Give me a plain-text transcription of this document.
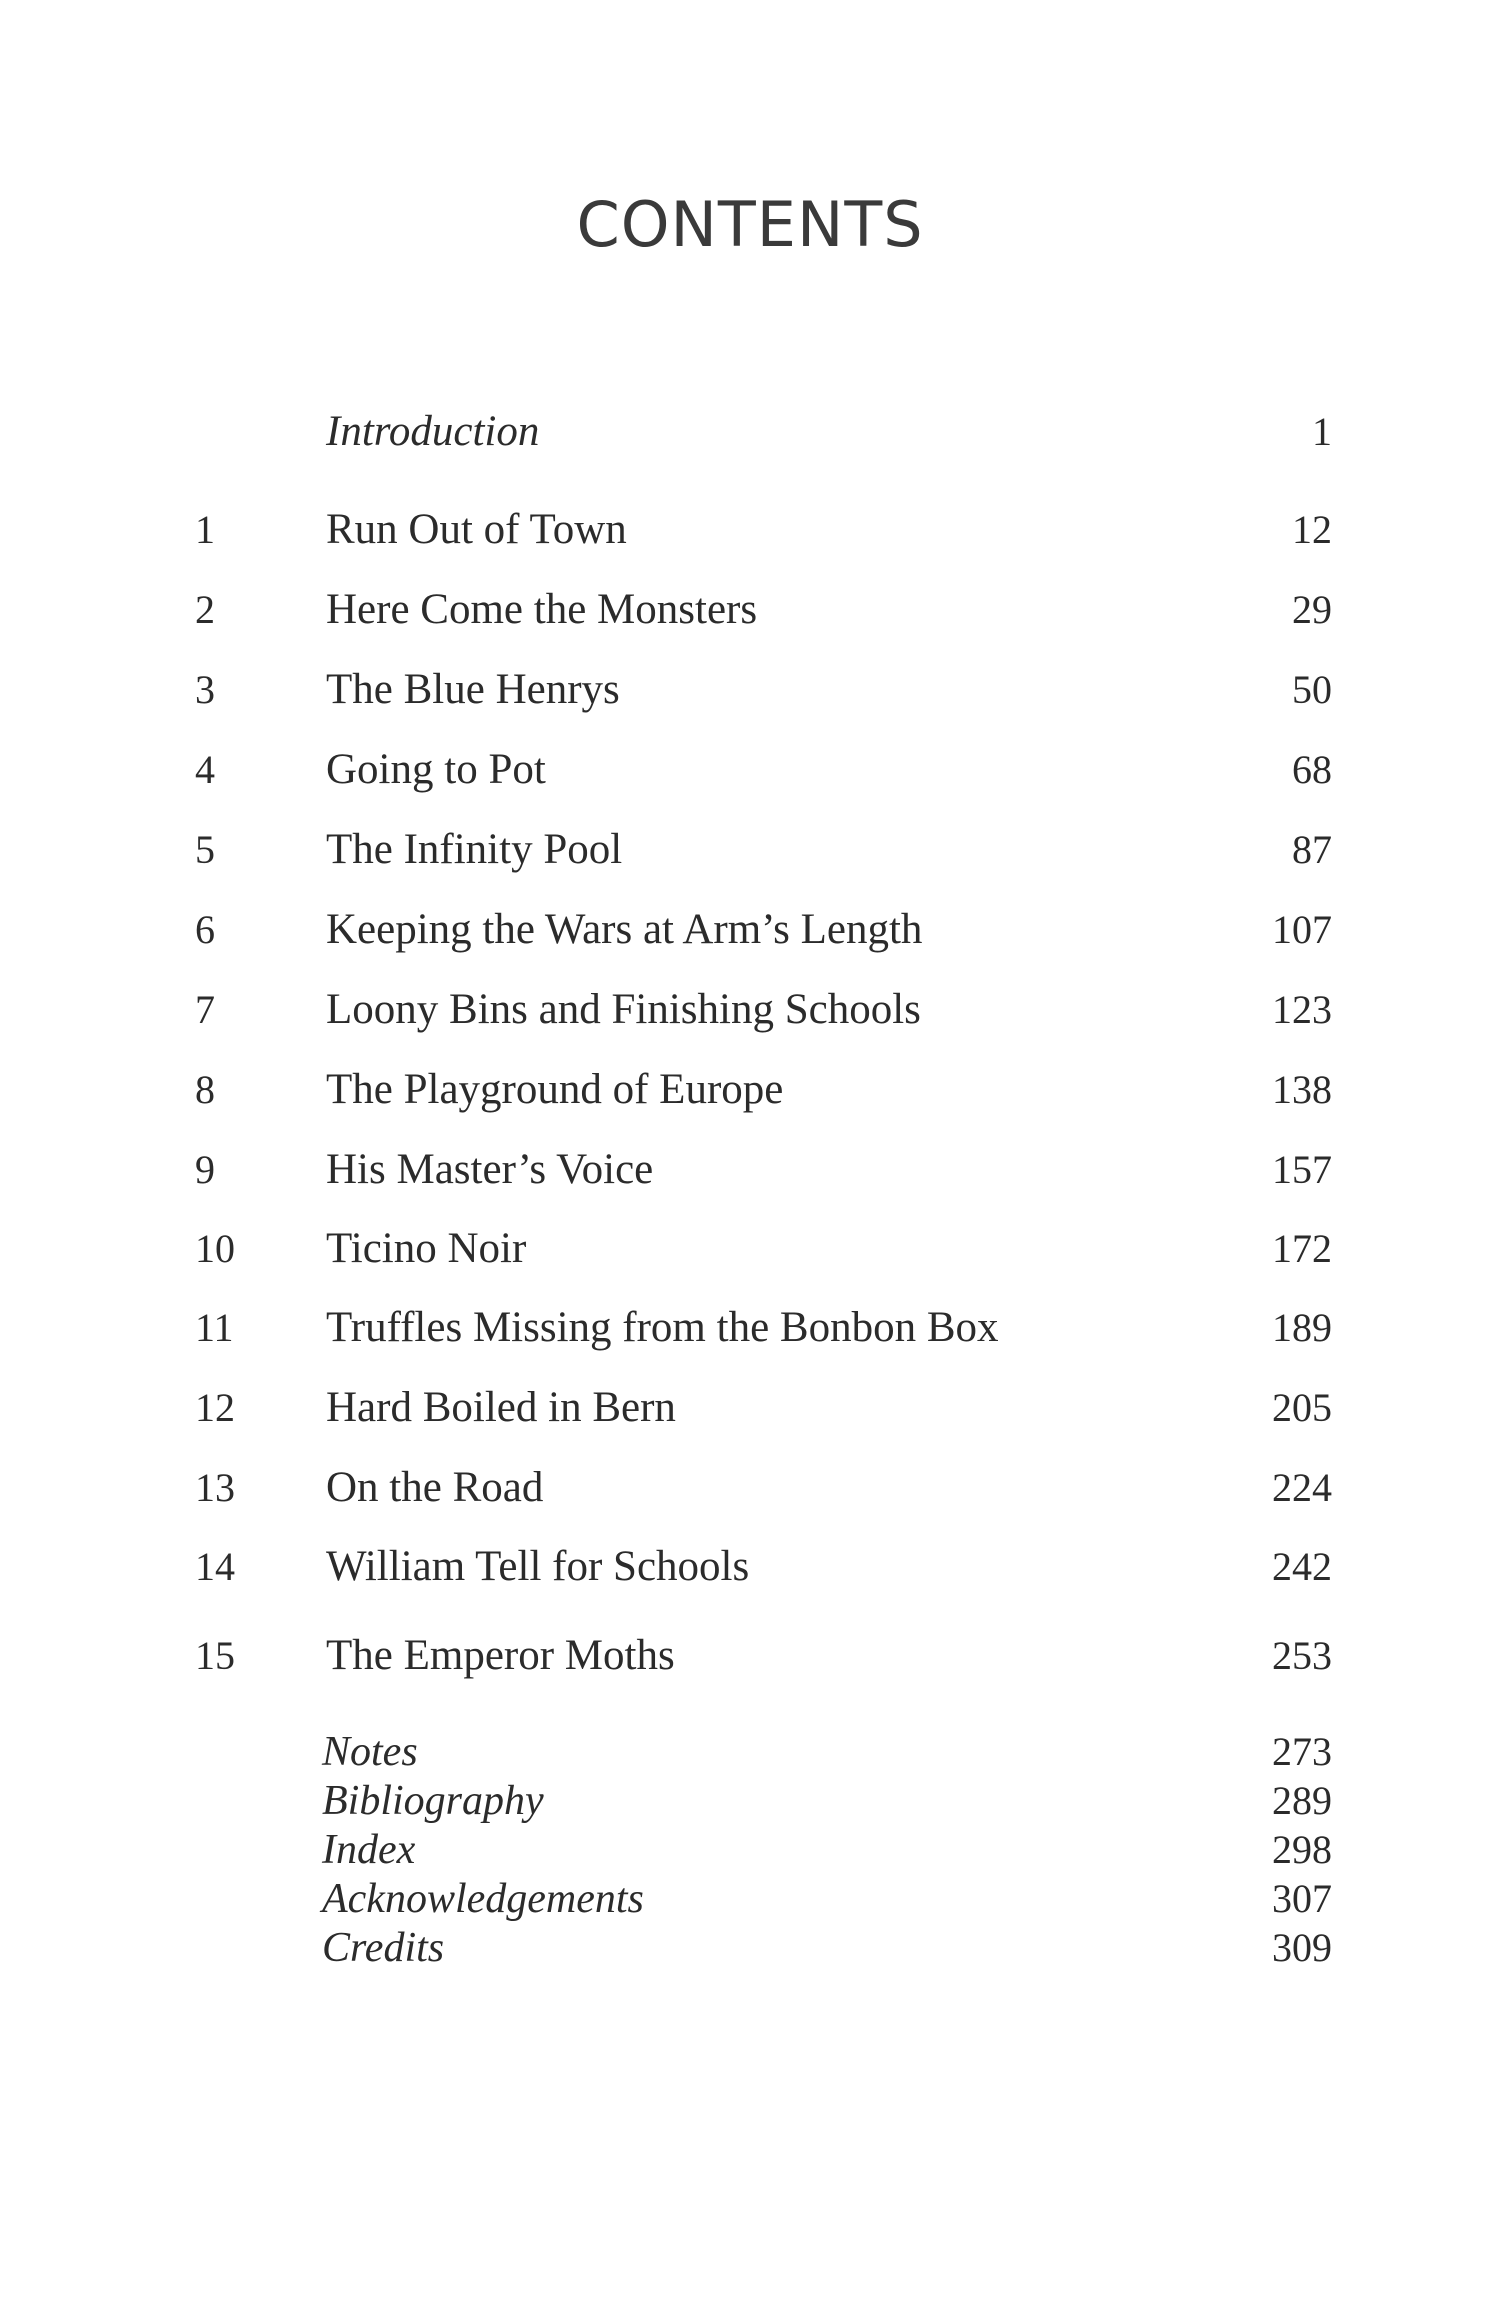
CONTENTS
Introduction	1
1	Run Out of Town	12
2	Here Come the Monsters	29
3	The Blue Henrys	50
4	Going to Pot	68
5	The Infinity Pool	87
6	Keeping the Wars at Arm’s Length	107
7	Loony Bins and Finishing Schools	123
8	The Playground of Europe	138
9	His Master’s Voice	157
10	Ticino Noir	172
11	Truffles Missing from the Bonbon Box	189
12	Hard Boiled in Bern	205
13	On the Road	224
14	William Tell for Schools	242
15	The Emperor Moths	253
Notes	273
Bibliography	289
Index	298
Acknowledgements	307
Credits	309
